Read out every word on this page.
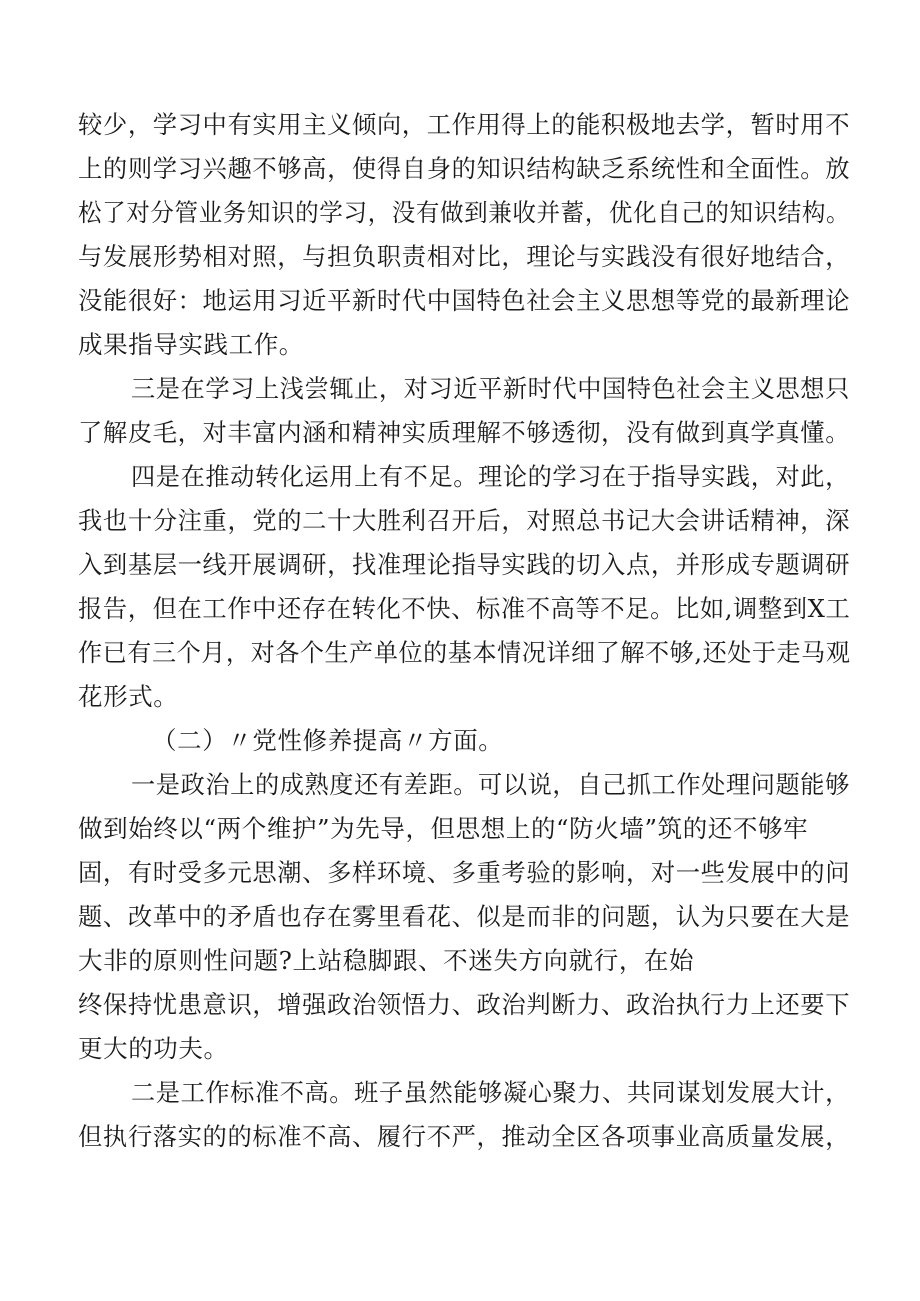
较少，学习中有实用主义倾向，工作用得上的能积极地去学，暂时用不
上的则学习兴趣不够高，使得自身的知识结构缺乏系统性和全面性。放
松了对分管业务知识的学习，没有做到兼收并蓄，优化自己的知识结构。
与发展形势相对照，与担负职责相对比，理论与实践没有很好地结合，
没能很好：地运用习近平新时代中国特色社会主义思想等党的最新理论
成果指导实践工作。
三是在学习上浅尝辄止，对习近平新时代中国特色社会主义思想只
了解皮毛，对丰富内涵和精神实质理解不够透彻，没有做到真学真懂。
四是在推动转化运用上有不足。理论的学习在于指导实践，对此，
我也十分注重，党的二十大胜利召开后，对照总书记大会讲话精神，深
入到基层一线开展调研，找准理论指导实践的切入点，并形成专题调研
报告，但在工作中还存在转化不快、标准不高等不足。比如,调整到X工
作已有三个月，对各个生产单位的基本情况详细了解不够,还处于走马观
花形式。
（二）〃党性修养提高〃方面。
一是政治上的成熟度还有差距。可以说，自己抓工作处理问题能够
做到始终以“两个维护”为先导，但思想上的“防火墙”筑的还不够牢
固，有时受多元思潮、多样环境、多重考验的影响，对一些发展中的问
题、改革中的矛盾也存在雾里看花、似是而非的问题，认为只要在大是
大非的原则性问题?上站稳脚跟、不迷失方向就行，在始
终保持忧患意识，增强政治领悟力、政治判断力、政治执行力上还要下
更大的功夫。
二是工作标准不高。班子虽然能够凝心聚力、共同谋划发展大计，
但执行落实的的标准不高、履行不严，推动全区各项事业高质量发展，
